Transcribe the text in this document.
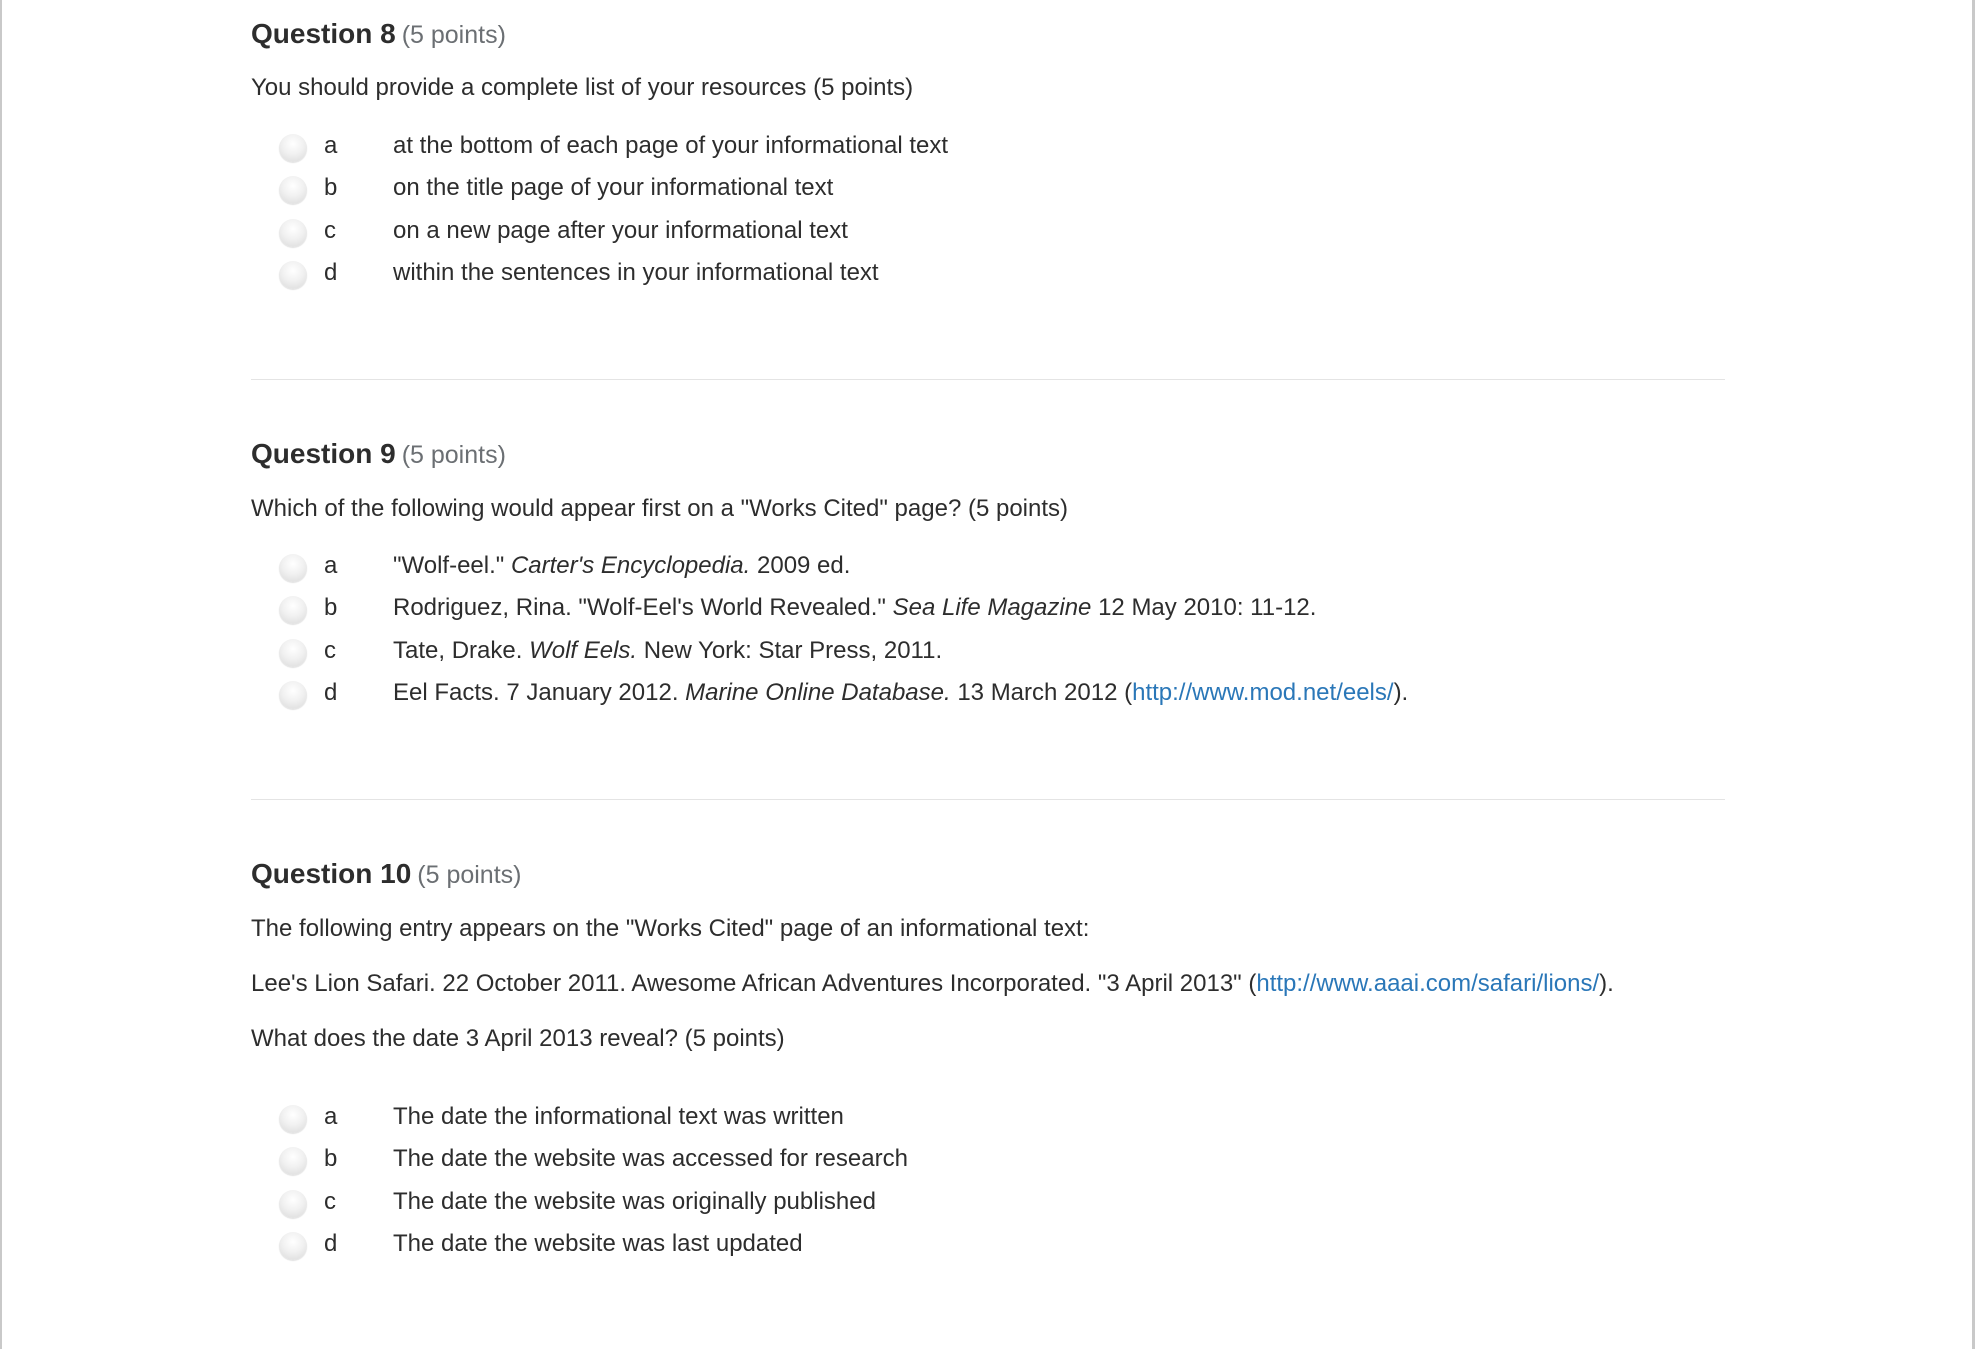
Question 8 (5 points)

You should provide a complete list of your resources (5 points)

a at the bottom of each page of your informational text
b on the title page of your informational text
c on a new page after your informational text
d within the sentences in your informational text
Question 9 (5 points)

Which of the following would appear first on a "Works Cited" page? (5 points)

a "Wolf-eel." Carter's Encyclopedia. 2009 ed.
b Rodriguez, Rina. "Wolf-Eel's World Revealed." Sea Life Magazine 12 May 2010: 11-12.
c Tate, Drake. Wolf Eels. New York: Star Press, 2011.
d Eel Facts. 7 January 2012. Marine Online Database. 13 March 2012 (http://www.mod.net/eels/).
Question 10 (5 points)

The following entry appears on the "Works Cited" page of an informational text:

Lee's Lion Safari. 22 October 2011. Awesome African Adventures Incorporated. "3 April 2013" (http://www.aaai.com/safari/lions/).

What does the date 3 April 2013 reveal? (5 points)

a The date the informational text was written
b The date the website was accessed for research
c The date the website was originally published
d The date the website was last updated
